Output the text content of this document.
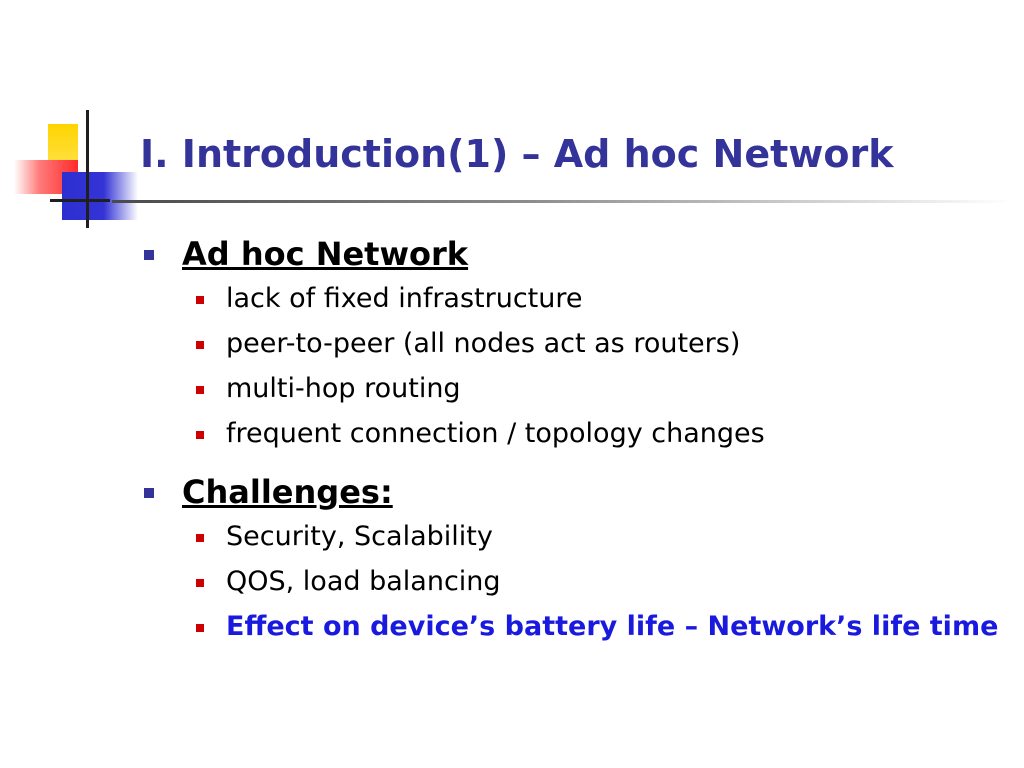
I. Introduction(1) – Ad hoc Network
Ad hoc Network
lack of fixed infrastructure
peer-to-peer (all nodes act as routers)
multi-hop routing
frequent connection / topology changes
Challenges:
Security, Scalability
QOS, load balancing
Effect on device’s battery life – Network’s life time
